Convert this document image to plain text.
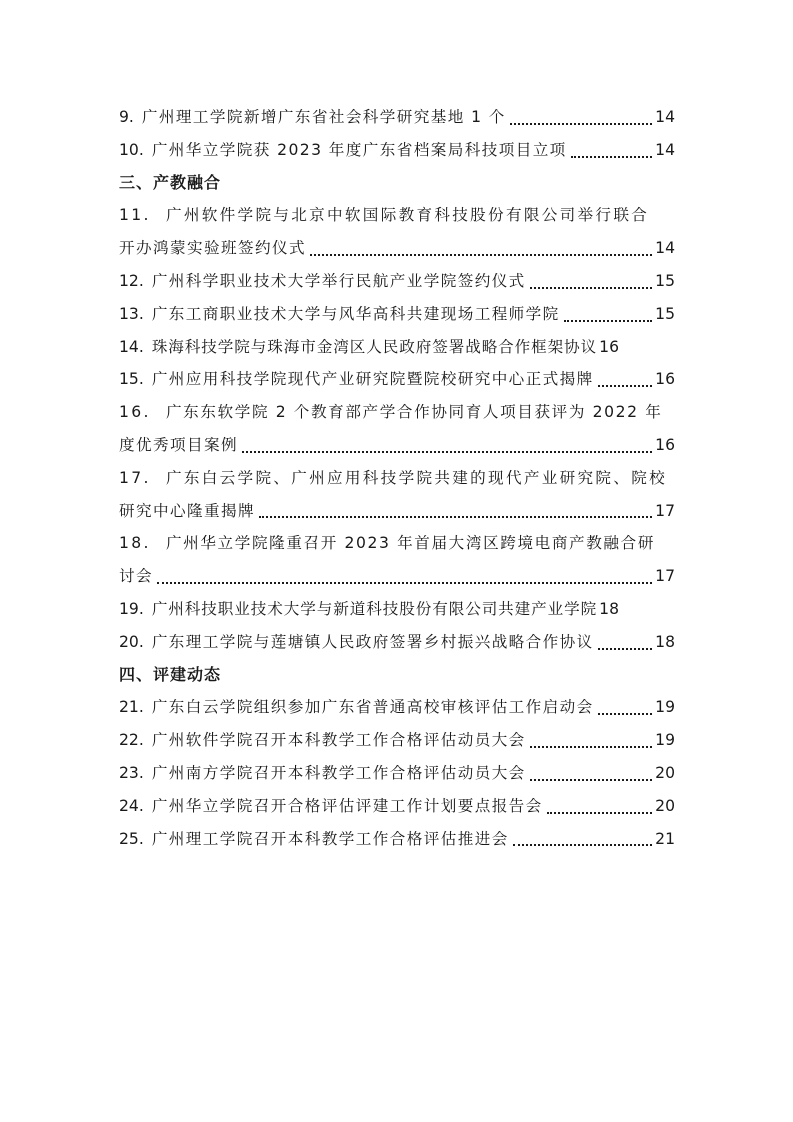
9. 广州理工学院新增广东省社会科学研究基地 1 个	14
10. 广州华立学院获 2023 年度广东省档案局科技项目立项	14
三、产教融合
11. 广州软件学院与北京中软国际教育科技股份有限公司举行联合
开办鸿蒙实验班签约仪式	14
12. 广州科学职业技术大学举行民航产业学院签约仪式	15
13. 广东工商职业技术大学与风华高科共建现场工程师学院	15
14. 珠海科技学院与珠海市金湾区人民政府签署战略合作框架协议 16
15. 广州应用科技学院现代产业研究院暨院校研究中心正式揭牌	16
16. 广东东软学院 2 个教育部产学合作协同育人项目获评为 2022 年
度优秀项目案例	16
17. 广东白云学院、广州应用科技学院共建的现代产业研究院、院校
研究中心隆重揭牌	17
18. 广州华立学院隆重召开 2023 年首届大湾区跨境电商产教融合研
讨会	17
19. 广州科技职业技术大学与新道科技股份有限公司共建产业学院 18
20. 广东理工学院与莲塘镇人民政府签署乡村振兴战略合作协议	18
四、评建动态
21. 广东白云学院组织参加广东省普通高校审核评估工作启动会	19
22. 广州软件学院召开本科教学工作合格评估动员大会	19
23. 广州南方学院召开本科教学工作合格评估动员大会	20
24. 广州华立学院召开合格评估评建工作计划要点报告会	20
25. 广州理工学院召开本科教学工作合格评估推进会	21
